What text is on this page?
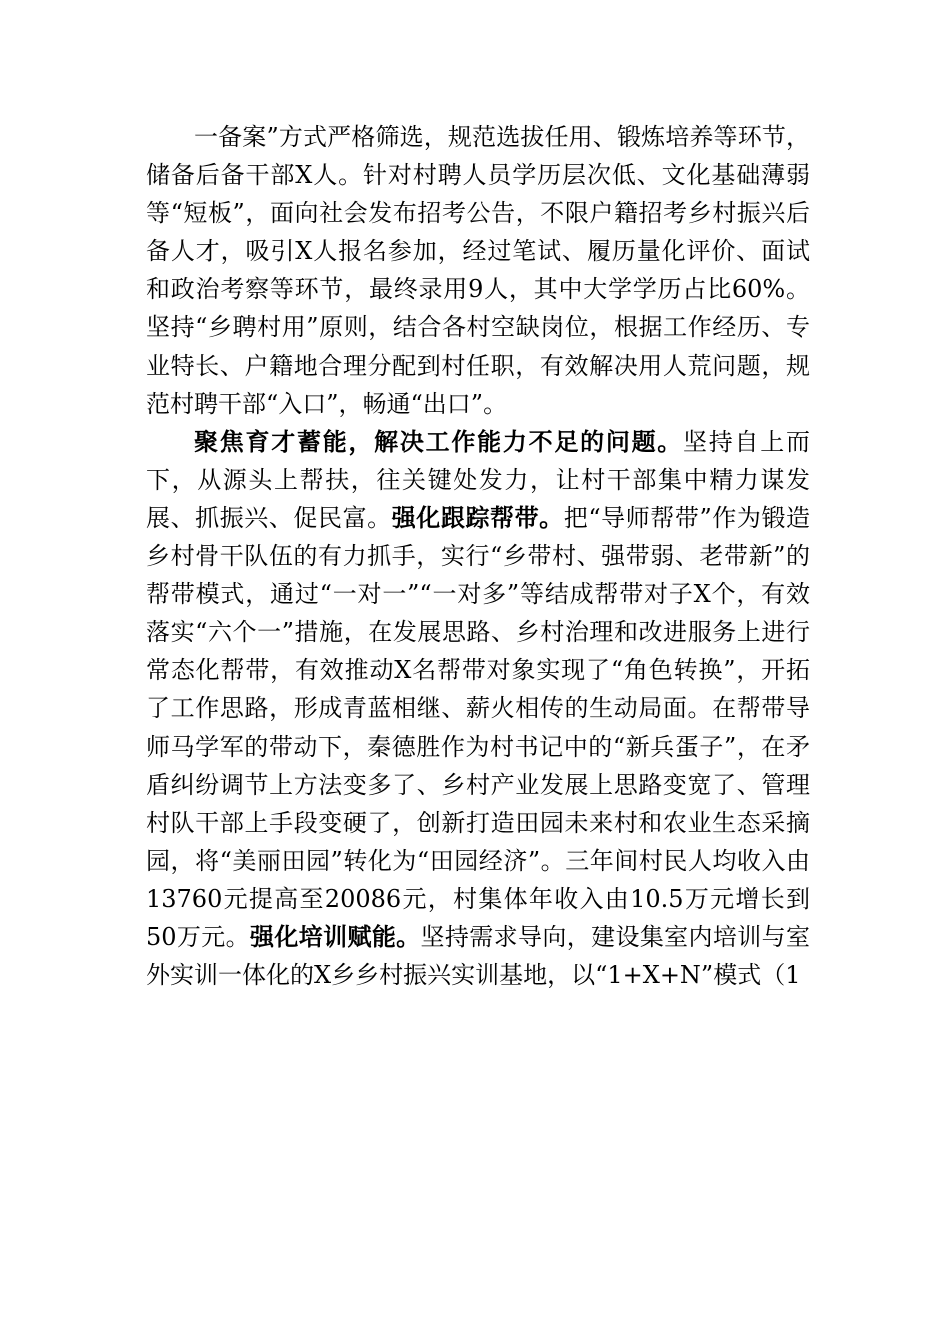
一备案”方式严格筛选，规范选拔任用、锻炼培养等环节，储备后备干部X人。针对村聘人员学历层次低、文化基础薄弱等“短板”，面向社会发布招考公告，不限户籍招考乡村振兴后备人才，吸引X人报名参加，经过笔试、履历量化评价、面试和政治考察等环节，最终录用9人，其中大学学历占比60%。坚持“乡聘村用”原则，结合各村空缺岗位，根据工作经历、专业特长、户籍地合理分配到村任职，有效解决用人荒问题，规范村聘干部“入口”，畅通“出口”。

聚焦育才蓄能，解决工作能力不足的问题。坚持自上而下，从源头上帮扶，往关键处发力，让村干部集中精力谋发展、抓振兴、促民富。强化跟踪帮带。把“导师帮带”作为锻造乡村骨干队伍的有力抓手，实行“乡带村、强带弱、老带新”的帮带模式，通过“一对一”“一对多”等结成帮带对子X个，有效落实“六个一”措施，在发展思路、乡村治理和改进服务上进行常态化帮带，有效推动X名帮带对象实现了“角色转换”，开拓了工作思路，形成青蓝相继、薪火相传的生动局面。在帮带导师马学军的带动下，秦德胜作为村书记中的“新兵蛋子”，在矛盾纠纷调节上方法变多了、乡村产业发展上思路变宽了、管理村队干部上手段变硬了，创新打造田园未来村和农业生态采摘园，将“美丽田园”转化为“田园经济”。三年间村民人均收入由13760元提高至20086元，村集体年收入由10.5万元增长到50万元。强化培训赋能。坚持需求导向，建设集室内培训与室外实训一体化的X乡乡村振兴实训基地，以“1+X+N”模式（1
